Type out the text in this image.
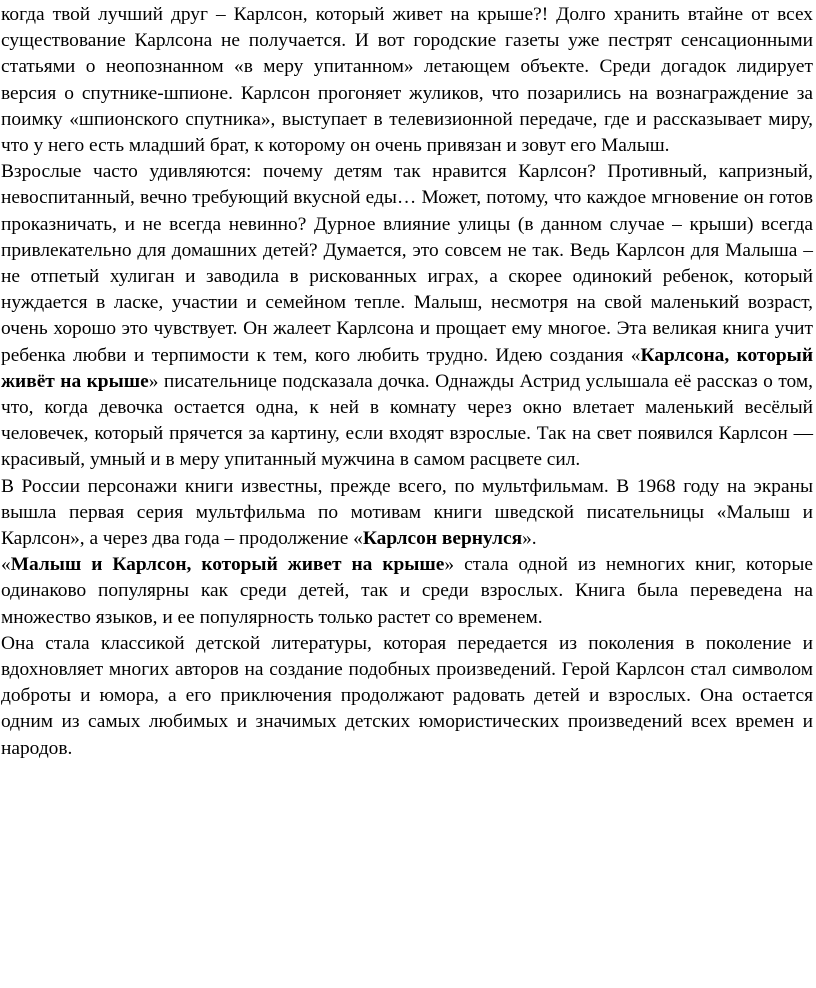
когда твой лучший друг – Карлсон, который живет на крыше?! Долго хранить втайне от всех существование Карлсона не получается. И вот городские газеты уже пестрят сенсационными статьями о неопознанном «в меру упитанном» летающем объекте. Среди догадок лидирует версия о спутнике-шпионе. Карлсон прогоняет жуликов, что позарились на вознаграждение за поимку «шпионского спутника», выступает в телевизионной передаче, где и рассказывает миру, что у него есть младший брат, к которому он очень привязан и зовут его Малыш.

Взрослые часто удивляются: почему детям так нравится Карлсон? Противный, капризный, невоспитанный, вечно требующий вкусной еды… Может, потому, что каждое мгновение он готов проказничать, и не всегда невинно? Дурное влияние улицы (в данном случае – крыши) всегда привлекательно для домашних детей? Думается, это совсем не так. Ведь Карлсон для Малыша – не отпетый хулиган и заводила в рискованных играх, а скорее одинокий ребенок, который нуждается в ласке, участии и семейном тепле. Малыш, несмотря на свой маленький возраст, очень хорошо это чувствует. Он жалеет Карлсона и прощает ему многое. Эта великая книга учит ребенка любви и терпимости к тем, кого любить трудно. Идею создания «Карлсона, который живёт на крыше» писательнице подсказала дочка. Однажды Астрид услышала её рассказ о том, что, когда девочка остается одна, к ней в комнату через окно влетает маленький весёлый человечек, который прячется за картину, если входят взрослые. Так на свет появился Карлсон — красивый, умный и в меру упитанный мужчина в самом расцвете сил.

В России персонажи книги известны, прежде всего, по мультфильмам. В 1968 году на экраны вышла первая серия мультфильма по мотивам книги шведской писательницы «Малыш и Карлсон», а через два года – продолжение «Карлсон вернулся».

«Малыш и Карлсон, который живет на крыше» стала одной из немногих книг, которые одинаково популярны как среди детей, так и среди взрослых. Книга была переведена на множество языков, и ее популярность только растет со временем.

Она стала классикой детской литературы, которая передается из поколения в поколение и вдохновляет многих авторов на создание подобных произведений. Герой Карлсон стал символом доброты и юмора, а его приключения продолжают радовать детей и взрослых. Она остается одним из самых любимых и значимых детских юмористических произведений всех времен и народов.
